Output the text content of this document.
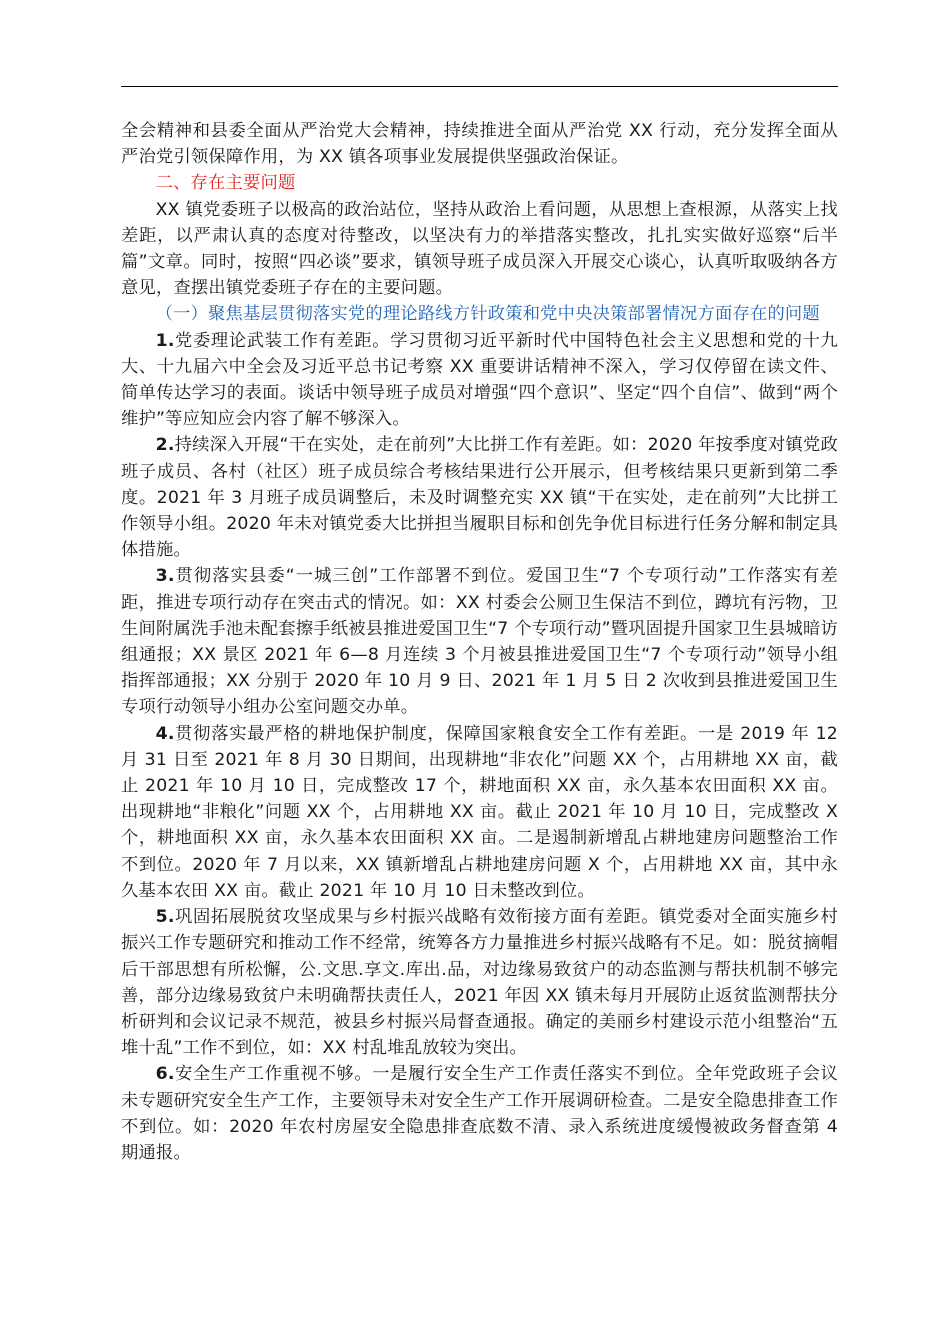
全会精神和县委全面从严治党大会精神，持续推进全面从严治党 XX 行动，充分发挥全面从严治党引领保障作用，为 XX 镇各项事业发展提供坚强政治保证。

二、存在主要问题

XX 镇党委班子以极高的政治站位，坚持从政治上看问题，从思想上查根源，从落实上找差距，以严肃认真的态度对待整改，以坚决有力的举措落实整改，扎扎实实做好巡察“后半篇”文章。同时，按照“四必谈”要求，镇领导班子成员深入开展交心谈心，认真听取吸纳各方意见，查摆出镇党委班子存在的主要问题。

（一）聚焦基层贯彻落实党的理论路线方针政策和党中央决策部署情况方面存在的问题

1.党委理论武装工作有差距。学习贯彻习近平新时代中国特色社会主义思想和党的十九大、十九届六中全会及习近平总书记考察 XX 重要讲话精神不深入，学习仅停留在读文件、简单传达学习的表面。谈话中领导班子成员对增强“四个意识”、坚定“四个自信”、做到“两个维护”等应知应会内容了解不够深入。

2.持续深入开展“干在实处，走在前列”大比拼工作有差距。如：2020 年按季度对镇党政班子成员、各村（社区）班子成员综合考核结果进行公开展示，但考核结果只更新到第二季度。2021 年 3 月班子成员调整后，未及时调整充实 XX 镇“干在实处，走在前列”大比拼工作领导小组。2020 年未对镇党委大比拼担当履职目标和创先争优目标进行任务分解和制定具体措施。

3.贯彻落实县委“一城三创”工作部署不到位。爱国卫生“7 个专项行动”工作落实有差距，推进专项行动存在突击式的情况。如：XX 村委会公厕卫生保洁不到位，蹲坑有污物，卫生间附属洗手池未配套擦手纸被县推进爱国卫生“7 个专项行动”暨巩固提升国家卫生县城暗访组通报；XX 景区 2021 年 6—8 月连续 3 个月被县推进爱国卫生“7 个专项行动”领导小组指挥部通报；XX 分别于 2020 年 10 月 9 日、2021 年 1 月 5 日 2 次收到县推进爱国卫生专项行动领导小组办公室问题交办单。

4.贯彻落实最严格的耕地保护制度，保障国家粮食安全工作有差距。一是 2019 年 12 月 31 日至 2021 年 8 月 30 日期间，出现耕地“非农化”问题 XX 个，占用耕地 XX 亩，截止 2021 年 10 月 10 日，完成整改 17 个，耕地面积 XX 亩，永久基本农田面积 XX 亩。出现耕地“非粮化”问题 XX 个，占用耕地 XX 亩。截止 2021 年 10 月 10 日，完成整改 X 个，耕地面积 XX 亩，永久基本农田面积 XX 亩。二是遏制新增乱占耕地建房问题整治工作不到位。2020 年 7 月以来，XX 镇新增乱占耕地建房问题 X 个，占用耕地 XX 亩，其中永久基本农田 XX 亩。截止 2021 年 10 月 10 日未整改到位。

5.巩固拓展脱贫攻坚成果与乡村振兴战略有效衔接方面有差距。镇党委对全面实施乡村振兴工作专题研究和推动工作不经常，统筹各方力量推进乡村振兴战略有不足。如：脱贫摘帽后干部思想有所松懈，公.文思.享文.库出.品，对边缘易致贫户的动态监测与帮扶机制不够完善，部分边缘易致贫户未明确帮扶责任人，2021 年因 XX 镇未每月开展防止返贫监测帮扶分析研判和会议记录不规范，被县乡村振兴局督查通报。确定的美丽乡村建设示范小组整治“五堆十乱”工作不到位，如：XX 村乱堆乱放较为突出。

6.安全生产工作重视不够。一是履行安全生产工作责任落实不到位。全年党政班子会议未专题研究安全生产工作，主要领导未对安全生产工作开展调研检查。二是安全隐患排查工作不到位。如：2020 年农村房屋安全隐患排查底数不清、录入系统进度缓慢被政务督查第 4 期通报。
